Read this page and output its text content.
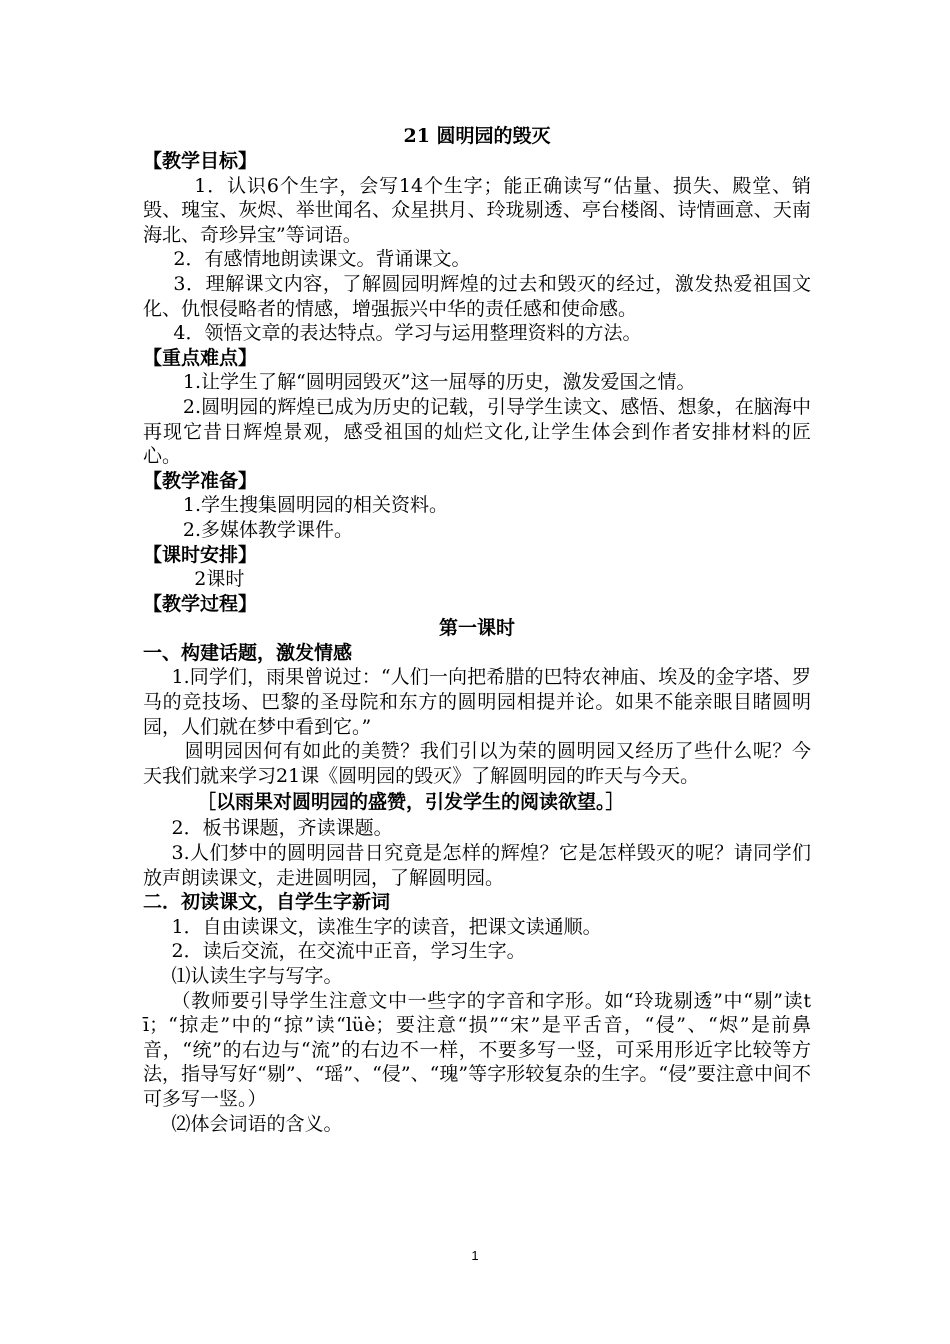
21 圆明园的毁灭
【教学目标】

1．认识6个生字，会写14个生字；能正确读写“估量、损失、殿堂、销毁、瑰宝、灰烬、举世闻名、众星拱月、玲珑剔透、亭台楼阁、诗情画意、天南海北、奇珍异宝”等词语。

2．有感情地朗读课文。背诵课文。

3．理解课文内容，了解圆园明辉煌的过去和毁灭的经过，激发热爱祖国文化、仇恨侵略者的情感，增强振兴中华的责任感和使命感。

4．领悟文章的表达特点。学习与运用整理资料的方法。

【重点难点】

1.让学生了解“圆明园毁灭”这一屈辱的历史，激发爱国之情。

2.圆明园的辉煌已成为历史的记载，引导学生读文、感悟、想象，在脑海中再现它昔日辉煌景观，感受祖国的灿烂文化,让学生体会到作者安排材料的匠心。

【教学准备】

1.学生搜集圆明园的相关资料。

2.多媒体教学课件。

【课时安排】

2课时

【教学过程】
第一课时
一、构建话题，激发情感

1.同学们，雨果曾说过：“人们一向把希腊的巴特农神庙、埃及的金字塔、罗马的竞技场、巴黎的圣母院和东方的圆明园相提并论。如果不能亲眼目睹圆明园，人们就在梦中看到它。”

圆明园因何有如此的美赞？我们引以为荣的圆明园又经历了些什么呢？今天我们就来学习21课《圆明园的毁灭》了解圆明园的昨天与今天。

［以雨果对圆明园的盛赞，引发学生的阅读欲望。］

2．板书课题，齐读课题。

3.人们梦中的圆明园昔日究竟是怎样的辉煌？它是怎样毁灭的呢？请同学们放声朗读课文，走进圆明园，了解圆明园。

二．初读课文，自学生字新词

1．自由读课文，读准生字的读音，把课文读通顺。

2．读后交流，在交流中正音，学习生字。

⑴认读生字与写字。

（教师要引导学生注意文中一些字的字音和字形。如“玲珑剔透”中“剔”读tī；“掠走”中的“掠”读“lüè；要注意“损”“宋”是平舌音，“侵”、“烬”是前鼻音，“统”的右边与“流”的右边不一样，不要多写一竖，可采用形近字比较等方法，指导写好“剔”、“瑶”、“侵”、“瑰”等字形较复杂的生字。“侵”要注意中间不可多写一竖。）

⑵体会词语的含义。

1
